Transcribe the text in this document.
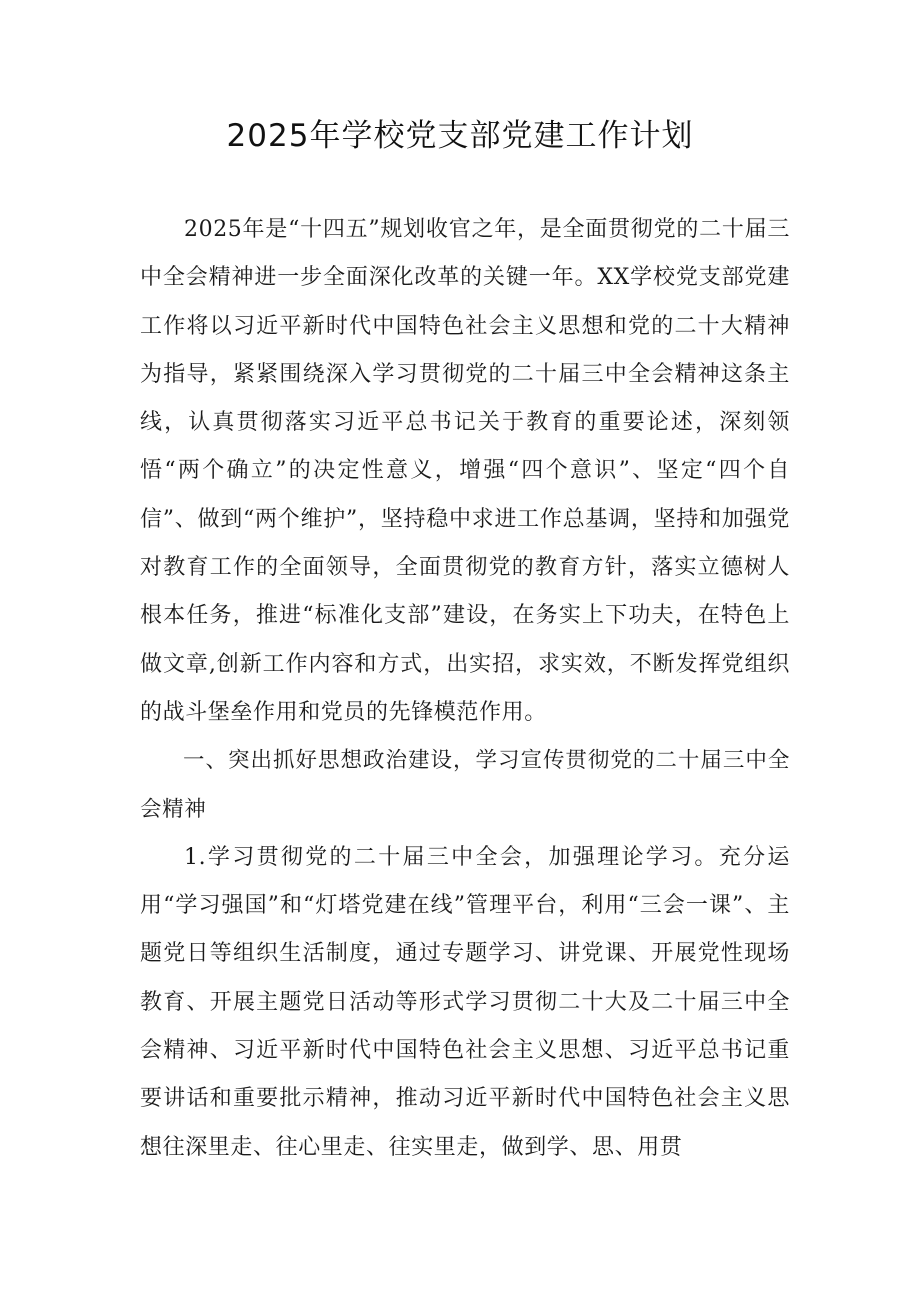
2025年学校党支部党建工作计划

2025年是“十四五”规划收官之年，是全面贯彻党的二十届三中全会精神进一步全面深化改革的关键一年。XX学校党支部党建工作将以习近平新时代中国特色社会主义思想和党的二十大精神为指导，紧紧围绕深入学习贯彻党的二十届三中全会精神这条主线，认真贯彻落实习近平总书记关于教育的重要论述，深刻领悟“两个确立”的决定性意义，增强“四个意识”、坚定“四个自信”、做到“两个维护”，坚持稳中求进工作总基调，坚持和加强党对教育工作的全面领导，全面贯彻党的教育方针，落实立德树人根本任务，推进“标准化支部”建设，在务实上下功夫，在特色上做文章,创新工作内容和方式，出实招，求实效，不断发挥党组织的战斗堡垒作用和党员的先锋模范作用。

一、突出抓好思想政治建设，学习宣传贯彻党的二十届三中全会精神

1.学习贯彻党的二十届三中全会，加强理论学习。充分运用“学习强国”和“灯塔党建在线”管理平台，利用“三会一课”、主题党日等组织生活制度，通过专题学习、讲党课、开展党性现场教育、开展主题党日活动等形式学习贯彻二十大及二十届三中全会精神、习近平新时代中国特色社会主义思想、习近平总书记重要讲话和重要批示精神，推动习近平新时代中国特色社会主义思想往深里走、往心里走、往实里走，做到学、思、用贯
